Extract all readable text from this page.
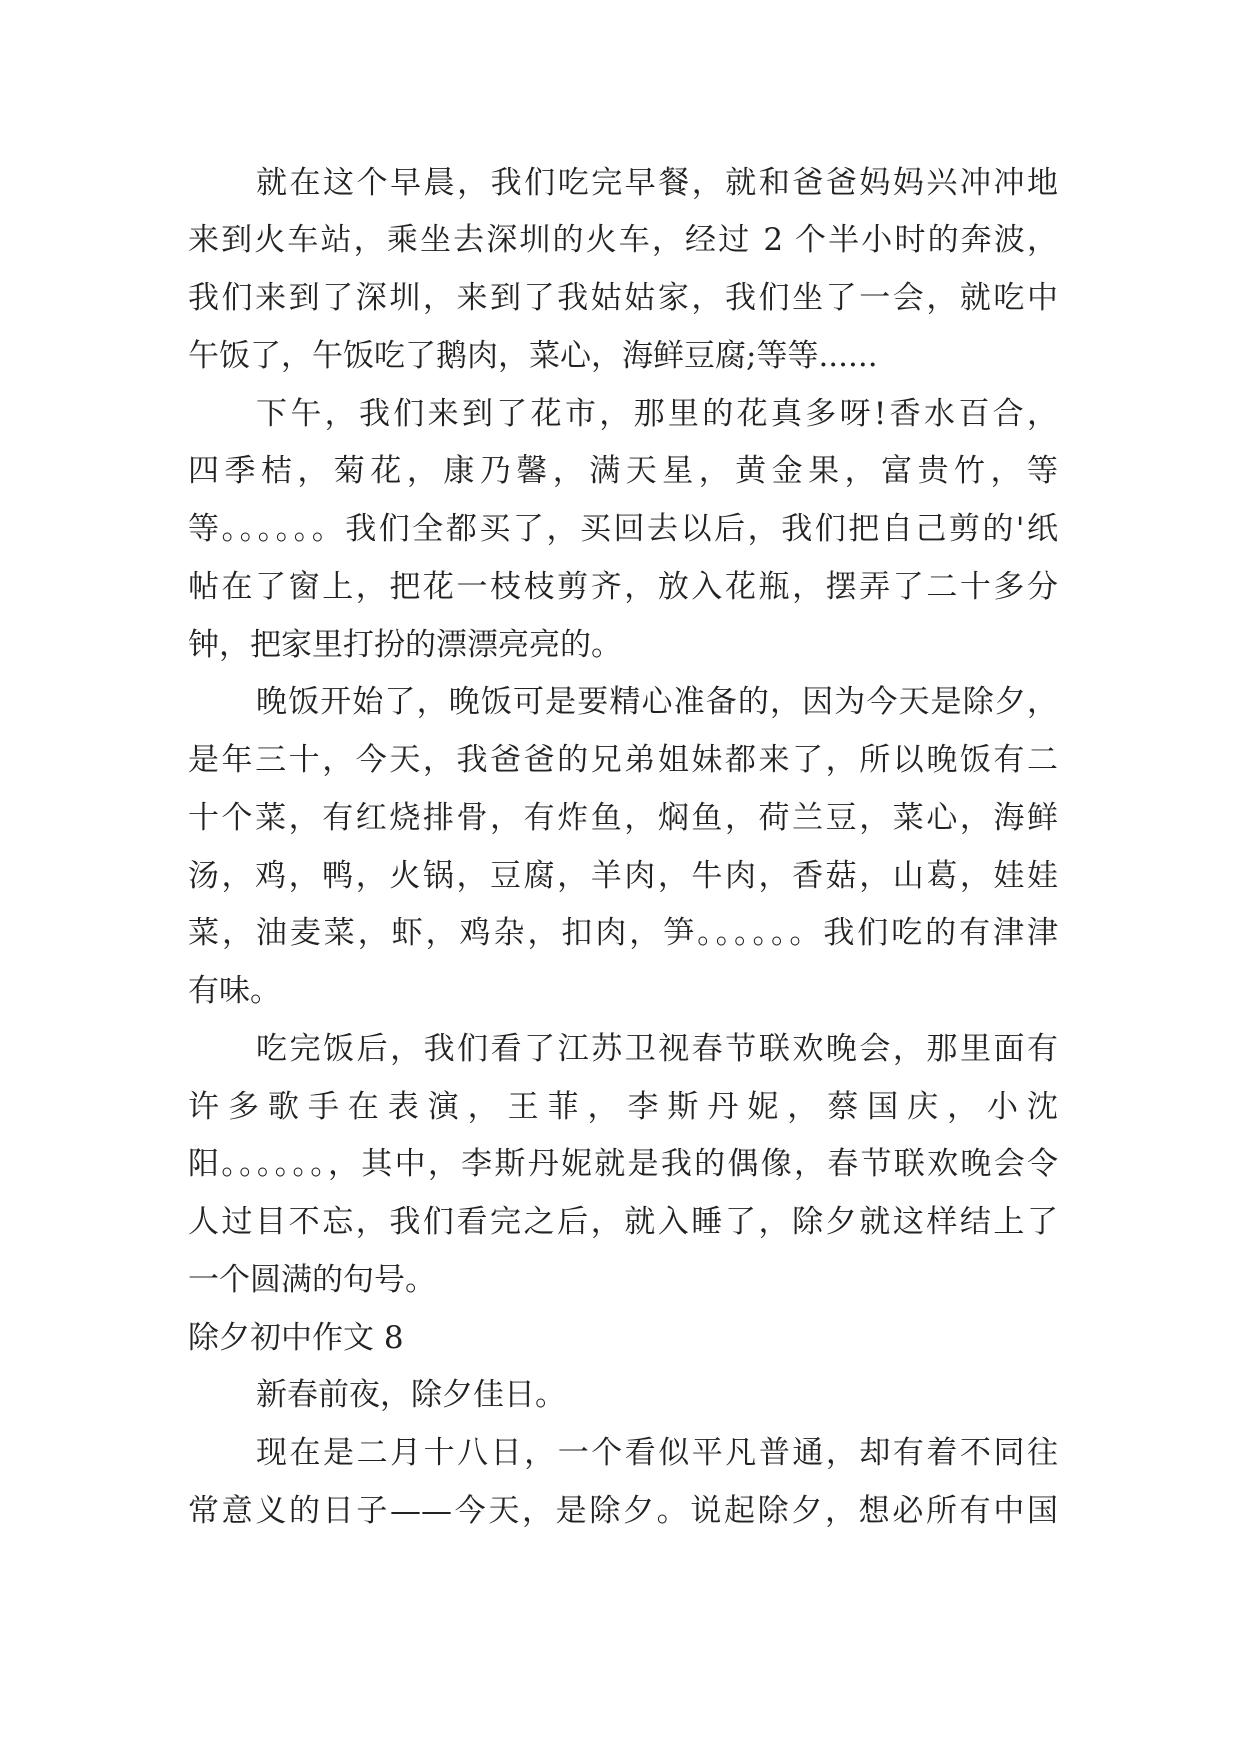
就在这个早晨，我们吃完早餐，就和爸爸妈妈兴冲冲地
来到火车站，乘坐去深圳的火车，经过 2 个半小时的奔波，
我们来到了深圳，来到了我姑姑家，我们坐了一会，就吃中
午饭了，午饭吃了鹅肉，菜心，海鲜豆腐;等等......
下午，我们来到了花市，那里的花真多呀!香水百合，
四季桔，菊花，康乃馨，满天星，黄金果，富贵竹，等
等。。。。。。我们全都买了，买回去以后，我们把自己剪的'纸
帖在了窗上，把花一枝枝剪齐，放入花瓶，摆弄了二十多分
钟，把家里打扮的漂漂亮亮的。
晚饭开始了，晚饭可是要精心准备的，因为今天是除夕，
是年三十，今天，我爸爸的兄弟姐妹都来了，所以晚饭有二
十个菜，有红烧排骨，有炸鱼，焖鱼，荷兰豆，菜心，海鲜
汤，鸡，鸭，火锅，豆腐，羊肉，牛肉，香菇，山葛，娃娃
菜，油麦菜，虾，鸡杂，扣肉，笋。。。。。。我们吃的有津津
有味。
吃完饭后，我们看了江苏卫视春节联欢晚会，那里面有
许多歌手在表演，王菲，李斯丹妮，蔡国庆，小沈
阳。。。。。。，其中，李斯丹妮就是我的偶像，春节联欢晚会令
人过目不忘，我们看完之后，就入睡了，除夕就这样结上了
一个圆满的句号。
除夕初中作文 8
新春前夜，除夕佳日。
现在是二月十八日，一个看似平凡普通，却有着不同往
常意义的日子——今天，是除夕。说起除夕，想必所有中国
